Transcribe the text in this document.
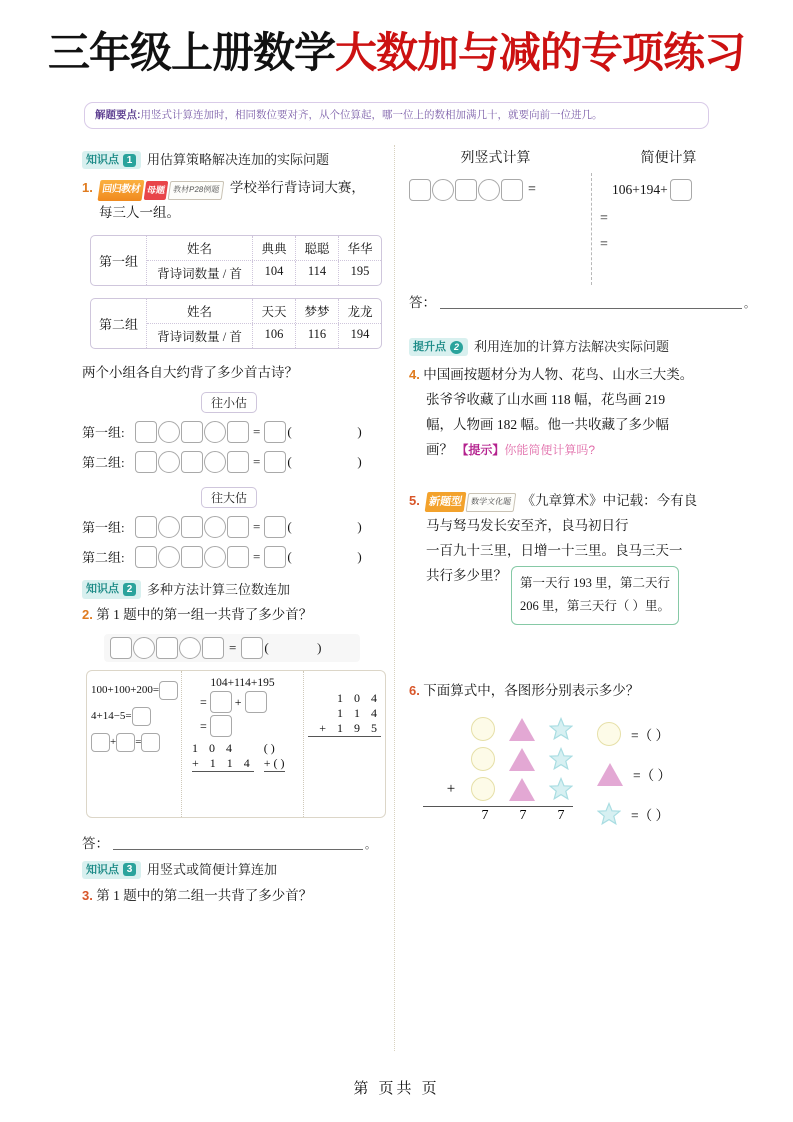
三年级上册数学大数加与减的专项练习
解题要点:用竖式计算连加时，相同数位要对齐，从个位算起，哪一位上的数相加满几十，就要向前一位进几。
知识点 1 用估算策略解决连加的实际问题
1. 回归教材 母题 教材P28例题 学校举行背诗词大赛，
每三人一组。
第一组
姓名	典典	聪聪	华华
背诗词数量 / 首	104	114	195
第二组
姓名	天天	梦梦	龙龙
背诗词数量 / 首	106	116	194
两个小组各自大约背了多少首古诗？
往小估
第一组:	= (   )
第二组:	= (   )
往大估
第一组:	= (   )
第二组:	= (   )
知识点 2 多种方法计算三位数连加
2. 第 1 题中的第一组一共背了多少首？
= (  )
100+100+200=
4+14−5=
+ =
104+114+195
= +
=
1 0 4
+ 1 1 4
( )
+ ( )
1 0 4
1 1 4
+ 1 9 5
答：	。
知识点 3 用竖式或简便计算连加
3. 第 1 题中的第二组一共背了多少首？
列竖式计算	简便计算
=	106+194+
=
=
答：	。
提升点 2	利用连加的计算方法解决实际问题
4. 中国画按题材分为人物、花鸟、山水三大类。
张爷爷收藏了山水画 118 幅，花鸟画 219
幅，人物画 182 幅。他一共收藏了多少幅
画？ 【提示】你能简便计算吗?
5. 新题型 数学文化题 《九章算术》中记载：今有良
马与驽马发长安至齐，良马初日行
一百九十三里，日增一十三里。良马三天一
共行多少里？ 第一天行 193 里，第二天行
206 里，第三天行（ ）里。
6. 下面算式中，各图形分别表示多少？
+
7	7	7
=（ ）
=（ ）
=（ ）
第 页共 页
